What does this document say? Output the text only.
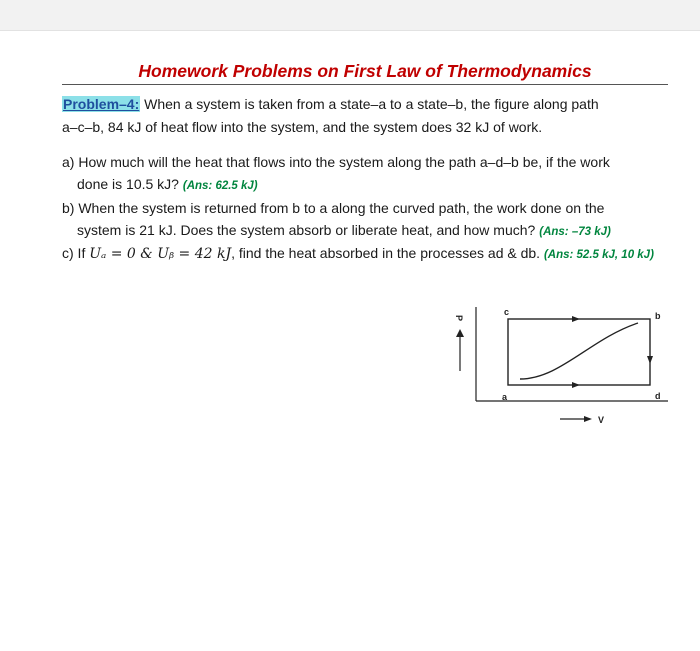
Homework Problems on First Law of Thermodynamics
Problem–4: When a system is taken from a state–a to a state–b, the figure along path
a–c–b, 84 kJ of heat flow into the system, and the system does 32 kJ of work.
a) How much will the heat that flows into the system along the path a–d–b be, if the work
done is 10.5 kJ? (Ans: 62.5 kJ)
b) When the system is returned from b to a along the curved path, the work done on the
system is 21 kJ. Does the system absorb or liberate heat, and how much? (Ans: –73 kJ)
c) If Uₐ = 0 & Uᵦ = 42 kJ, find the heat absorbed in the processes ad & db. (Ans: 52.5 kJ, 10 kJ)
P
V
c	b
a	d
